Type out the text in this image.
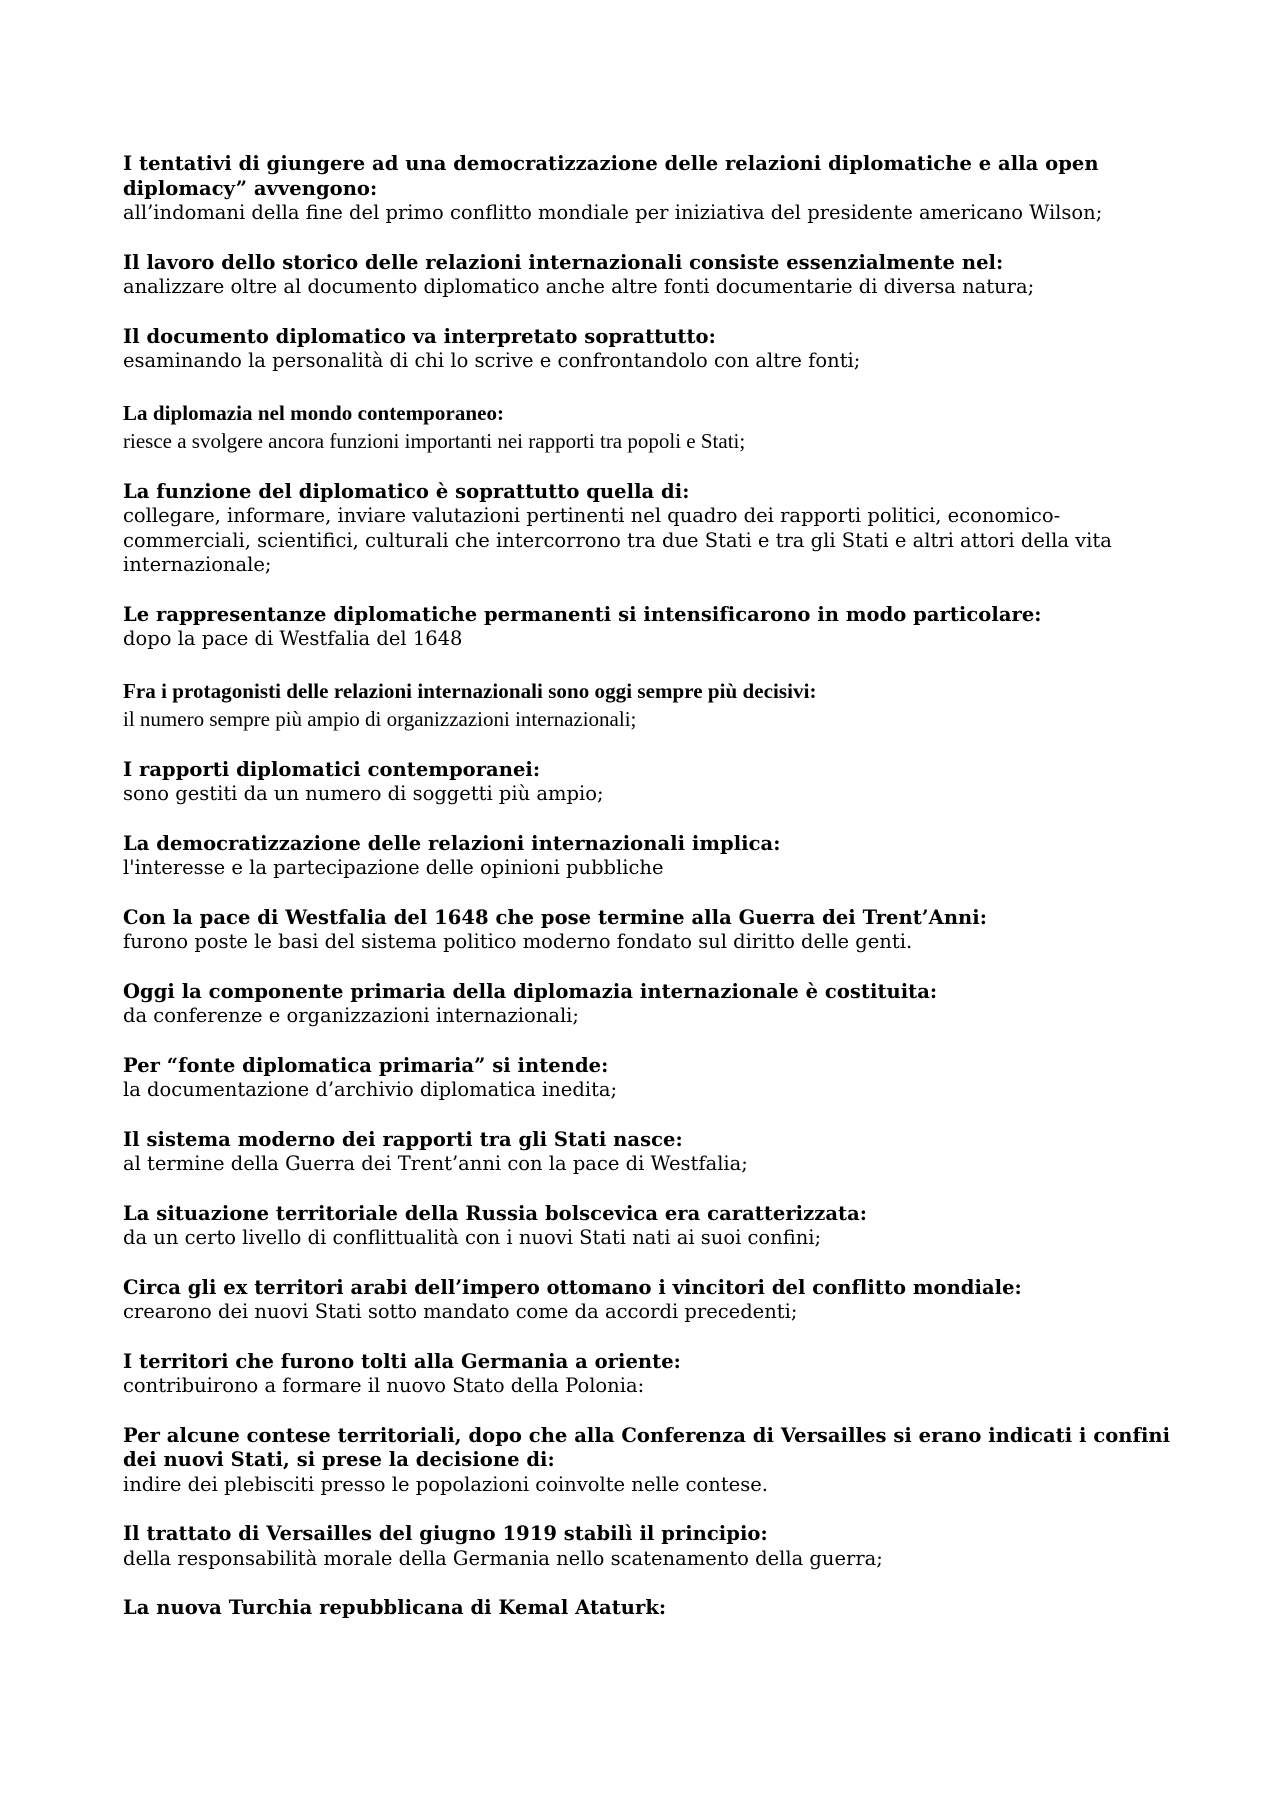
I tentativi di giungere ad una democratizzazione delle relazioni diplomatiche e alla open diplomacy” avvengono:
all’indomani della fine del primo conflitto mondiale per iniziativa del presidente americano Wilson;
Il lavoro dello storico delle relazioni internazionali consiste essenzialmente nel:
analizzare oltre al documento diplomatico anche altre fonti documentarie di diversa natura;
Il documento diplomatico va interpretato soprattutto:
esaminando la personalità di chi lo scrive e confrontandolo con altre fonti;
La diplomazia nel mondo contemporaneo:
riesce a svolgere ancora funzioni importanti nei rapporti tra popoli e Stati;
La funzione del diplomatico è soprattutto quella di:
collegare, informare, inviare valutazioni pertinenti nel quadro dei rapporti politici, economico-commerciali, scientifici, culturali che intercorrono tra due Stati e tra gli Stati e altri attori della vita internazionale;
Le rappresentanze diplomatiche permanenti si intensificarono in modo particolare:
dopo la pace di Westfalia del 1648
Fra i protagonisti delle relazioni internazionali sono oggi sempre più decisivi:
il numero sempre più ampio di organizzazioni internazionali;
I rapporti diplomatici contemporanei:
sono gestiti da un numero di soggetti più ampio;
La democratizzazione delle relazioni internazionali implica:
l'interesse e la partecipazione delle opinioni pubbliche
Con la pace di Westfalia del 1648 che pose termine alla Guerra dei Trent’Anni:
furono poste le basi del sistema politico moderno fondato sul diritto delle genti.
Oggi la componente primaria della diplomazia internazionale è costituita:
da conferenze e organizzazioni internazionali;
Per “fonte diplomatica primaria” si intende:
la documentazione d’archivio diplomatica inedita;
Il sistema moderno dei rapporti tra gli Stati nasce:
al termine della Guerra dei Trent’anni con la pace di Westfalia;
La situazione territoriale della Russia bolscevica era caratterizzata:
da un certo livello di conflittualità con i nuovi Stati nati ai suoi confini;
Circa gli ex territori arabi dell’impero ottomano i vincitori del conflitto mondiale:
crearono dei nuovi Stati sotto mandato come da accordi precedenti;
I territori che furono tolti alla Germania a oriente:
contribuirono a formare il nuovo Stato della Polonia:
Per alcune contese territoriali, dopo che alla Conferenza di Versailles si erano indicati i confini dei nuovi Stati, si prese la decisione di:
indire dei plebisciti presso le popolazioni coinvolte nelle contese.
Il trattato di Versailles del giugno 1919 stabilì il principio:
della responsabilità morale della Germania nello scatenamento della guerra;
La nuova Turchia repubblicana di Kemal Ataturk:
